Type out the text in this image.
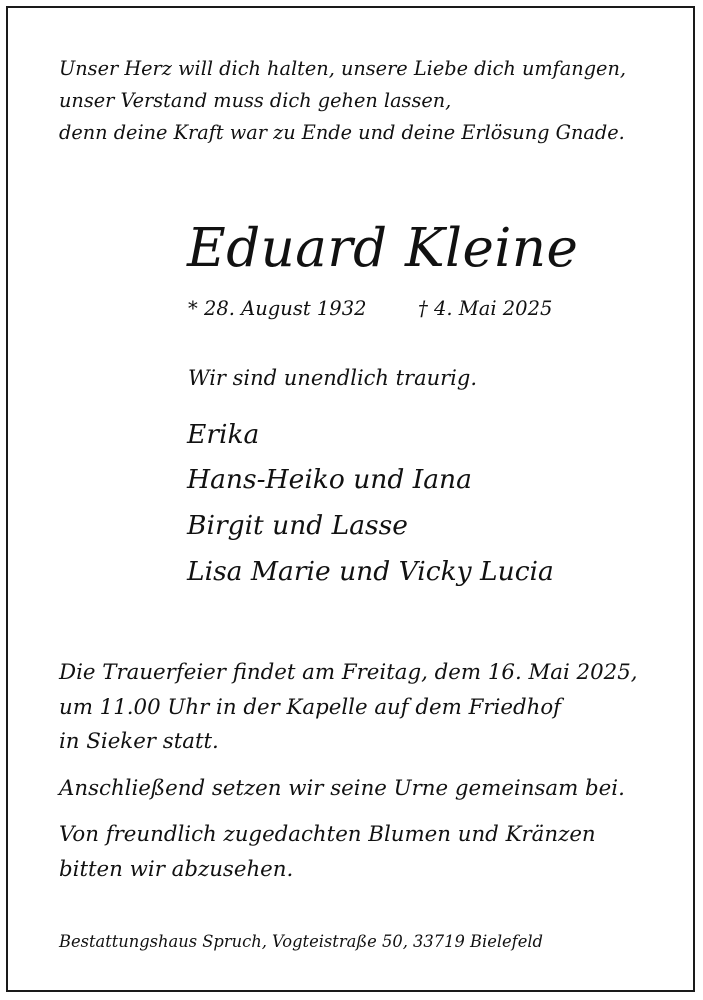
Unser Herz will dich halten, unsere Liebe dich umfangen,
unser Verstand muss dich gehen lassen,
denn deine Kraft war zu Ende und deine Erlösung Gnade.
Eduard Kleine
* 28. August 1932	† 4. Mai 2025
Wir sind unendlich traurig.
Erika
Hans-Heiko und Iana
Birgit und Lasse
Lisa Marie und Vicky Lucia
Die Trauerfeier findet am Freitag, dem 16. Mai 2025,
um 11.00 Uhr in der Kapelle auf dem Friedhof
in Sieker statt.
Anschließend setzen wir seine Urne gemeinsam bei.
Von freundlich zugedachten Blumen und Kränzen
bitten wir abzusehen.
Bestattungshaus Spruch, Vogteistraße 50, 33719 Bielefeld
